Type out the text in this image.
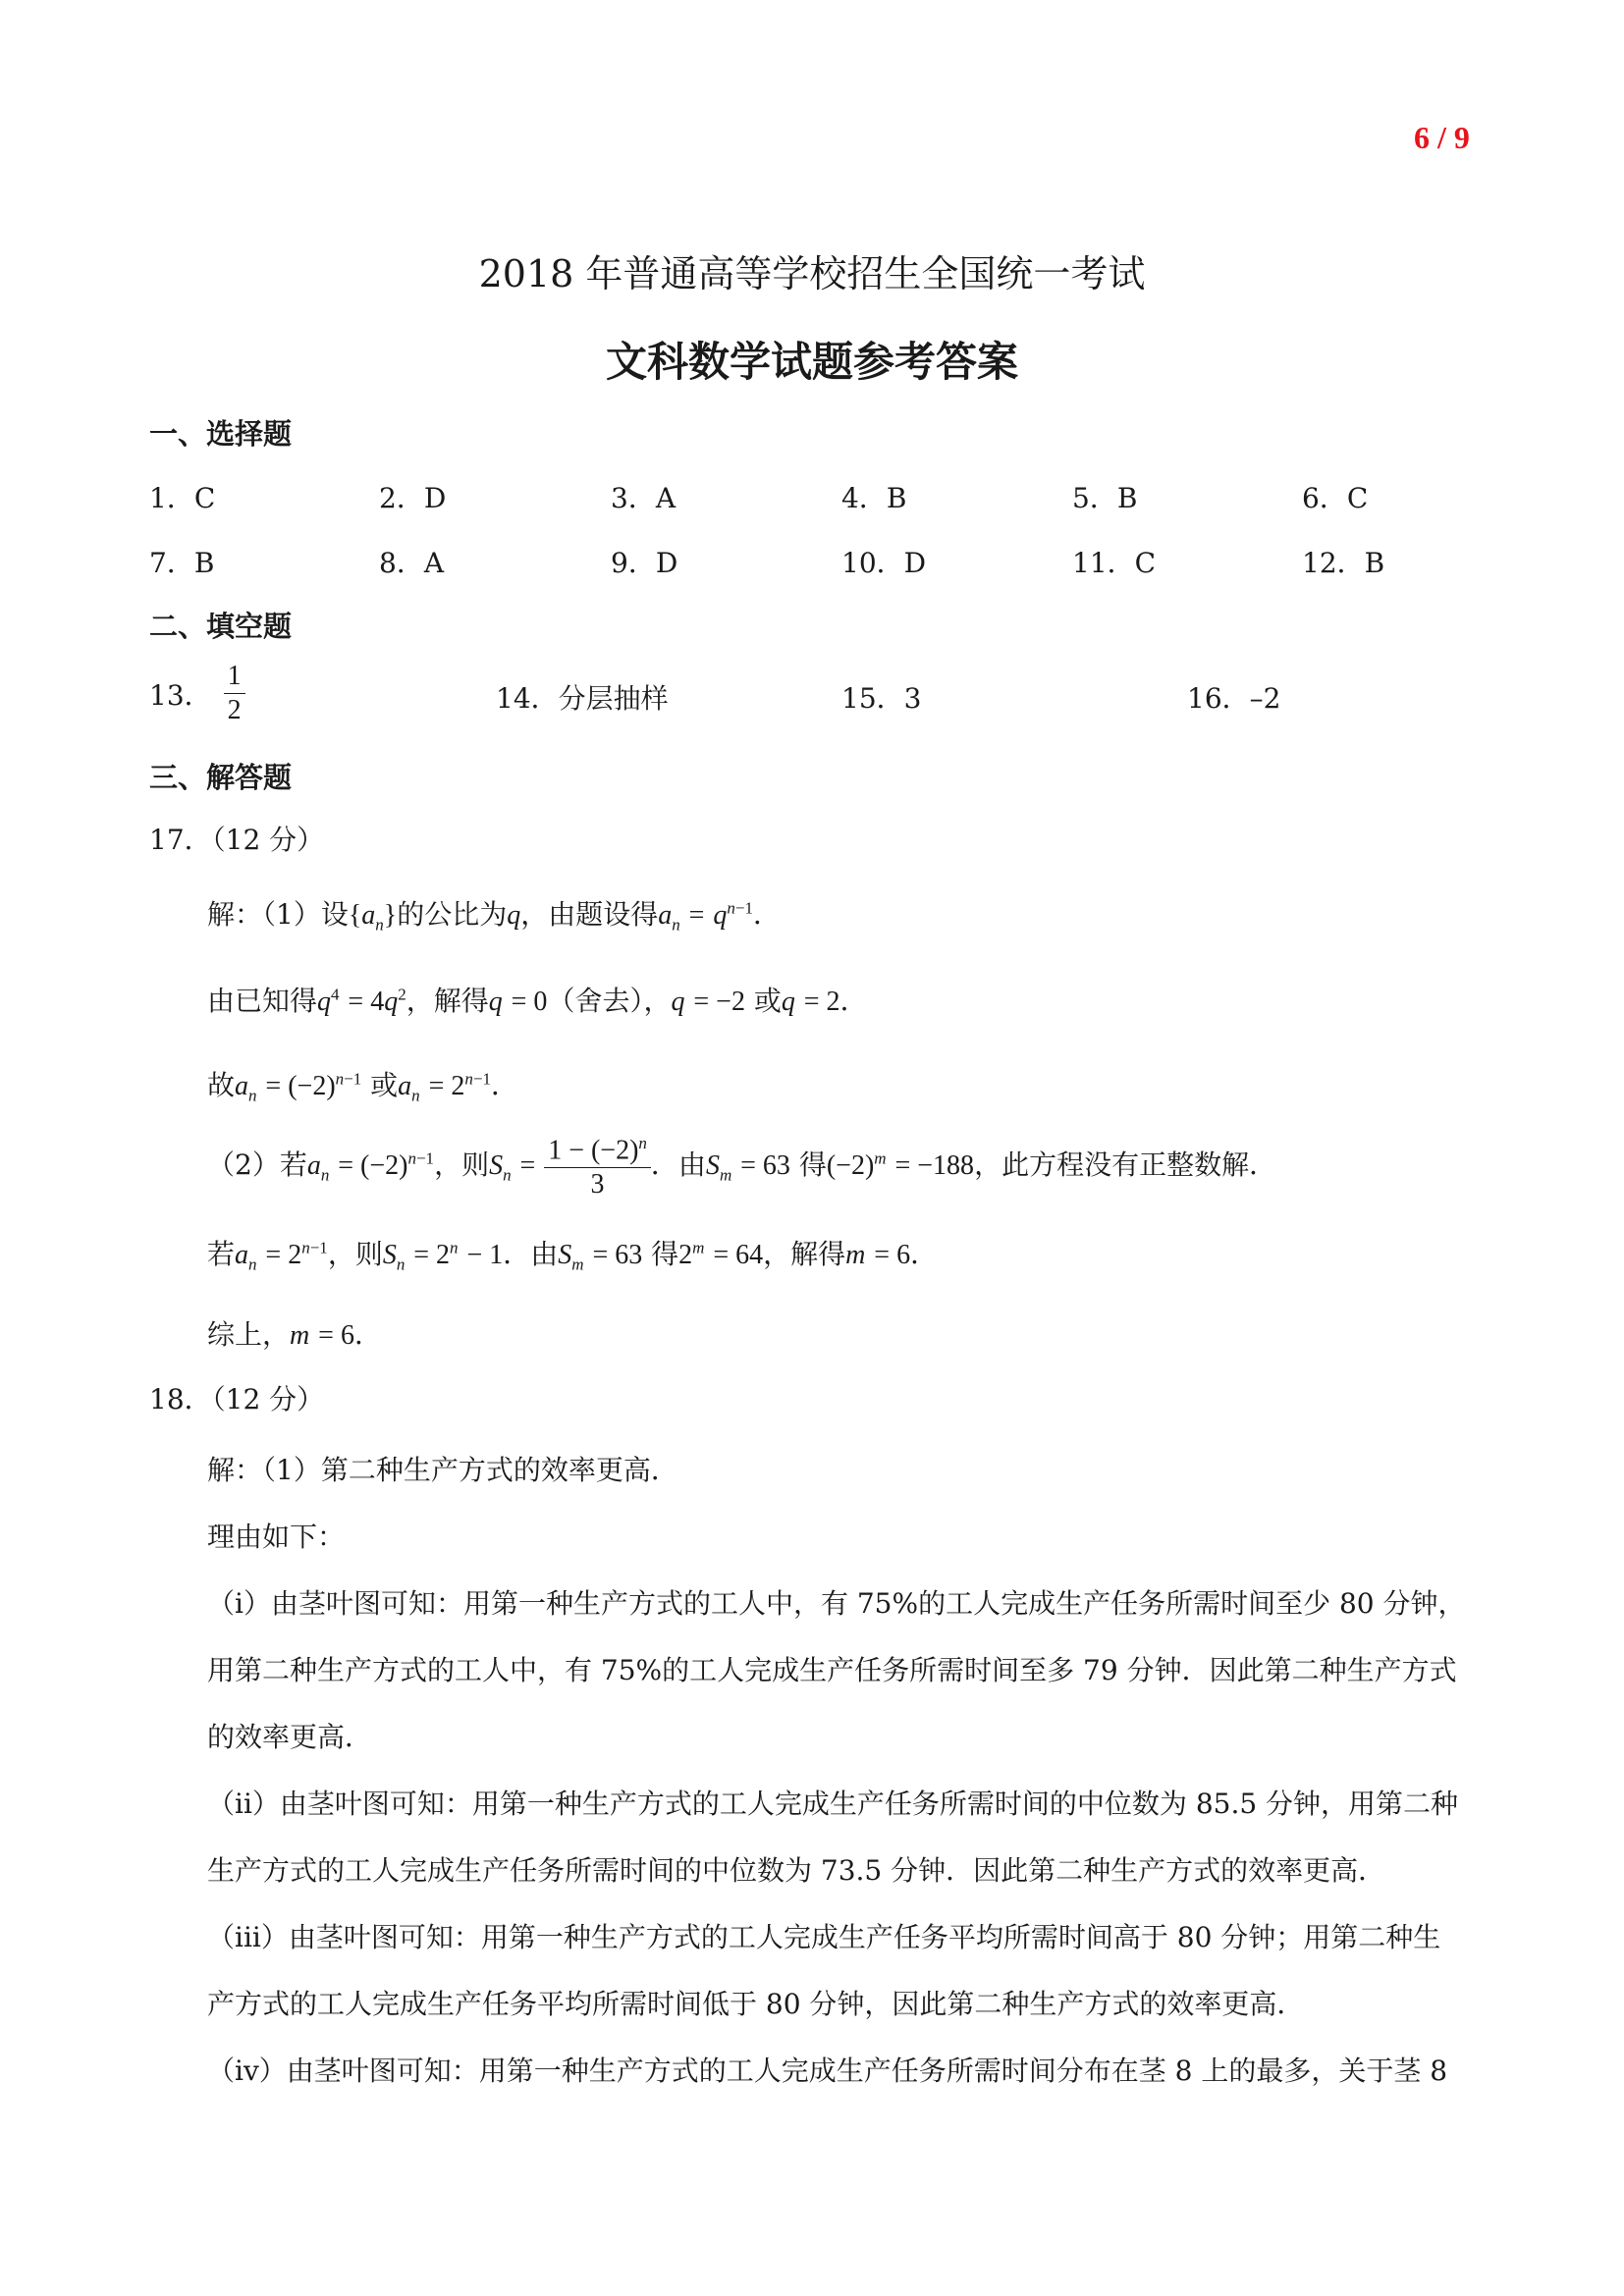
6 / 9
2018 年普通高等学校招生全国统一考试
文科数学试题参考答案
一、选择题
1．C	2．D	3．A	4．B	5．B	6．C
7．B	8．A	9．D	10．D	11．C	12．B
二、填空题
13． $\frac{1}{2}$	14．分层抽样	15．3	16．–2
三、解答题
17．（12 分）
解：（1）设$\{a_n\}$的公比为q，由题设得$a_n = q^{n-1}$．
由已知得$q^4 = 4q^2$，解得q = 0（舍去），q = −2 或q = 2．
故$a_n = (-2)^{n-1}$ 或$a_n = 2^{n-1}$．
（2）若$a_n = (-2)^{n-1}$，则$S_n = \frac{1 - (-2)^n}{3}$ ．由$S_m = 63$ 得$(-2)^m = -188$，此方程没有正整数解．
若$a_n = 2^{n-1}$，则$S_n = 2^n - 1$．由$S_m = 63$ 得$2^m = 64$，解得m = 6．
综上，m = 6．
18．（12 分）
解：（1）第二种生产方式的效率更高．
理由如下：
（i）由茎叶图可知：用第一种生产方式的工人中，有 75%的工人完成生产任务所需时间至少 80 分钟，
用第二种生产方式的工人中，有 75%的工人完成生产任务所需时间至多 79 分钟．因此第二种生产方式
的效率更高．
（ii）由茎叶图可知：用第一种生产方式的工人完成生产任务所需时间的中位数为 85.5 分钟，用第二种
生产方式的工人完成生产任务所需时间的中位数为 73.5 分钟．因此第二种生产方式的效率更高．
（iii）由茎叶图可知：用第一种生产方式的工人完成生产任务平均所需时间高于 80 分钟；用第二种生
产方式的工人完成生产任务平均所需时间低于 80 分钟，因此第二种生产方式的效率更高．
（iv）由茎叶图可知：用第一种生产方式的工人完成生产任务所需时间分布在茎 8 上的最多，关于茎 8
